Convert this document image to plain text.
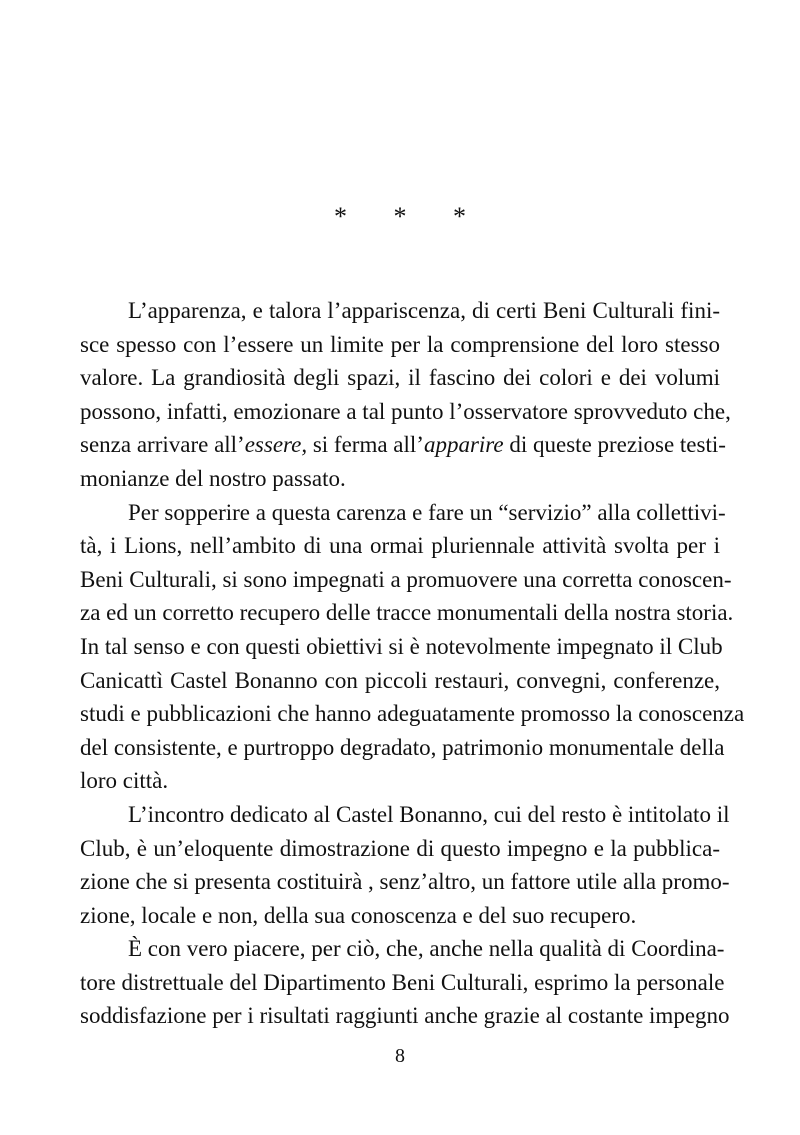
* * *
L’apparenza, e talora l’appariscenza, di certi Beni Culturali fini-
sce spesso con l’essere un limite per la comprensione del loro stesso
valore. La grandiosità degli spazi, il fascino dei colori e dei volumi
possono, infatti, emozionare a tal punto l’osservatore sprovveduto che,
senza arrivare all’essere, si ferma all’apparire di queste preziose testi-
monianze del nostro passato.
Per sopperire a questa carenza e fare un “servizio” alla collettivi-
tà, i Lions, nell’ambito di una ormai pluriennale attività svolta per i
Beni Culturali, si sono impegnati a promuovere una corretta conoscen-
za ed un corretto recupero delle tracce monumentali della nostra storia.
In tal senso e con questi obiettivi si è notevolmente impegnato il Club
Canicattì Castel Bonanno con piccoli restauri, convegni, conferenze,
studi e pubblicazioni che hanno adeguatamente promosso la conoscenza
del consistente, e purtroppo degradato, patrimonio monumentale della
loro città.
L’incontro dedicato al Castel Bonanno, cui del resto è intitolato il
Club, è un’eloquente dimostrazione di questo impegno e la pubblica-
zione che si presenta costituirà , senz’altro, un fattore utile alla promo-
zione, locale e non, della sua conoscenza e del suo recupero.
È con vero piacere, per ciò, che, anche nella qualità di Coordina-
tore distrettuale del Dipartimento Beni Culturali, esprimo la personale
soddisfazione per i risultati raggiunti anche grazie al costante impegno
8
